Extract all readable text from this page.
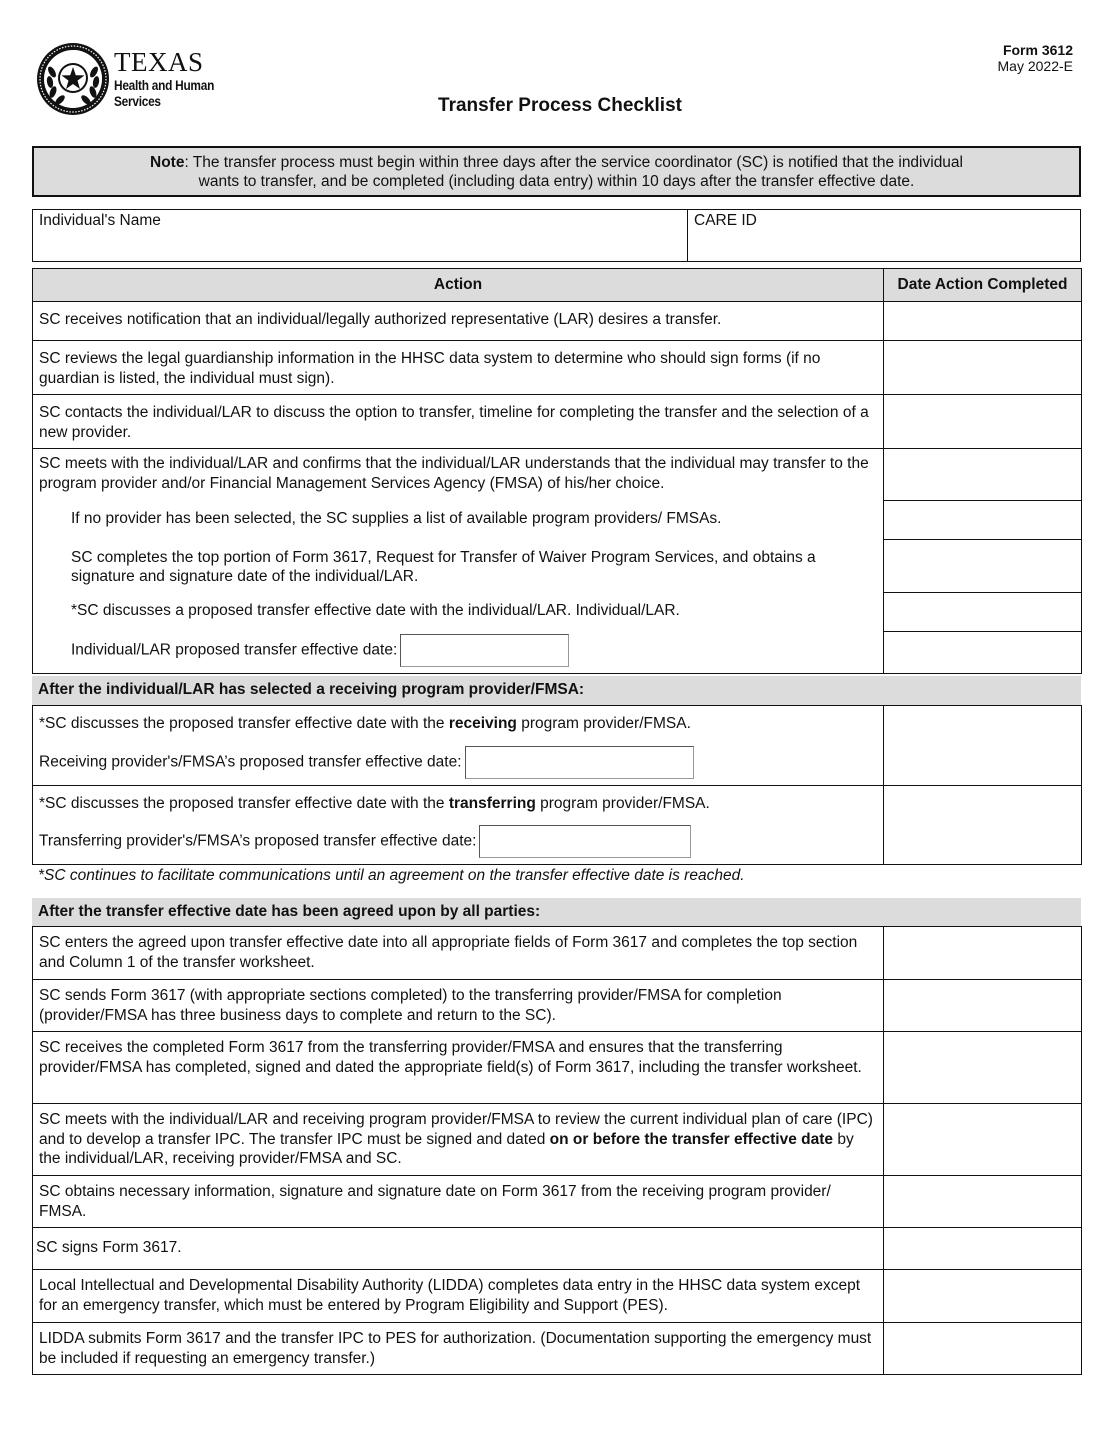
TEXAS
Health and Human
Services
Form 3612
May 2022-E
Transfer Process Checklist
Note: The transfer process must begin within three days after the service coordinator (SC) is notified that the individual
wants to transfer, and be completed (including data entry) within 10 days after the transfer effective date.
Individual's Name	CARE ID
Action	Date Action Completed
SC receives notification that an individual/legally authorized representative (LAR) desires a transfer.	
SC reviews the legal guardianship information in the HHSC data system to determine who should sign forms (if no guardian is listed, the individual must sign).	
SC contacts the individual/LAR to discuss the option to transfer, timeline for completing the transfer and the selection of a new provider.	
SC meets with the individual/LAR and confirms that the individual/LAR understands that the individual may transfer to the program provider and/or Financial Management Services Agency (FMSA) of his/her choice.	
If no provider has been selected, the SC supplies a list of available program providers/ FMSAs.	
SC completes the top portion of Form 3617, Request for Transfer of Waiver Program Services, and obtains a signature and signature date of the individual/LAR.	
*SC discusses a proposed transfer effective date with the individual/LAR. Individual/LAR.	
Individual/LAR proposed transfer effective date:	
After the individual/LAR has selected a receiving program provider/FMSA:
*SC discusses the proposed transfer effective date with the receiving program provider/FMSA.
Receiving provider's/FMSA’s proposed transfer effective date:	

*SC discusses the proposed transfer effective date with the transferring program provider/FMSA.
Transferring provider's/FMSA’s proposed transfer effective date:	

*SC continues to facilitate communications until an agreement on the transfer effective date is reached.
After the transfer effective date has been agreed upon by all parties:
SC enters the agreed upon transfer effective date into all appropriate fields of Form 3617 and completes the top section and Column 1 of the transfer worksheet.	
SC sends Form 3617 (with appropriate sections completed) to the transferring provider/FMSA for completion (provider/FMSA has three business days to complete and return to the SC).	
SC receives the completed Form 3617 from the transferring provider/FMSA and ensures that the transferring provider/FMSA has completed, signed and dated the appropriate field(s) of Form 3617, including the transfer worksheet.	
SC meets with the individual/LAR and receiving program provider/FMSA to review the current individual plan of care (IPC) and to develop a transfer IPC. The transfer IPC must be signed and dated on or before the transfer effective date by the individual/LAR, receiving provider/FMSA and SC.	
SC obtains necessary information, signature and signature date on Form 3617 from the receiving program provider/ FMSA.	
SC signs Form 3617.	
Local Intellectual and Developmental Disability Authority (LIDDA) completes data entry in the HHSC data system except for an emergency transfer, which must be entered by Program Eligibility and Support (PES).	
LIDDA submits Form 3617 and the transfer IPC to PES for authorization. (Documentation supporting the emergency must be included if requesting an emergency transfer.)	
